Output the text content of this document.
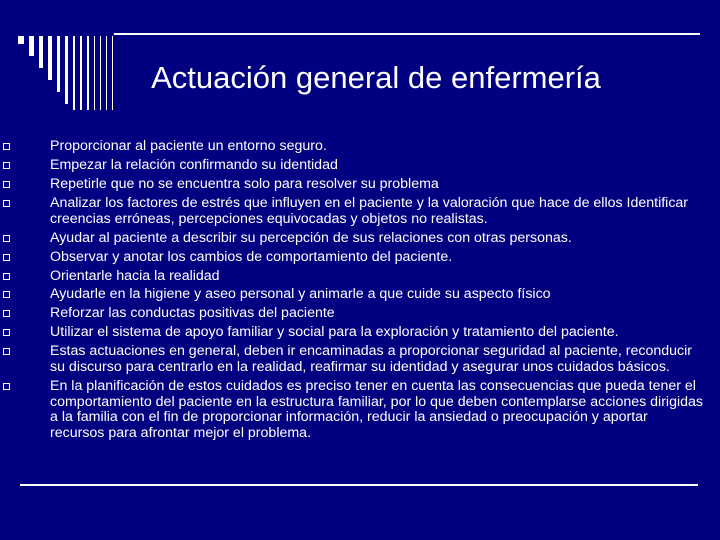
Actuación general de enfermería
Proporcionar al paciente un entorno seguro.
Empezar la relación confirmando su identidad
Repetirle que no se encuentra solo para resolver su problema
Analizar los factores de estrés que influyen en el paciente y la valoración que hace de ellos Identificar creencias erróneas, percepciones equivocadas y objetos no realistas.
Ayudar al paciente a describir su percepción de sus relaciones con otras personas.
Observar y anotar los cambios de comportamiento del paciente.
Orientarle hacia la realidad
Ayudarle en la higiene y aseo personal y animarle a que cuide su aspecto físico
Reforzar las conductas positivas del paciente
Utilizar el sistema de apoyo familiar y social para la exploración y tratamiento del paciente.
Estas actuaciones en general, deben ir encaminadas a proporcionar seguridad al paciente, reconducir su discurso para centrarlo en la realidad, reafirmar su identidad y asegurar unos cuidados básicos.
En la planificación de estos cuidados es preciso tener en cuenta las consecuencias que pueda tener el comportamiento del paciente en la estructura familiar, por lo que deben contemplarse acciones dirigidas a la familia con el fin de proporcionar información, reducir la ansiedad o preocupación y aportar recursos para afrontar mejor el problema.
